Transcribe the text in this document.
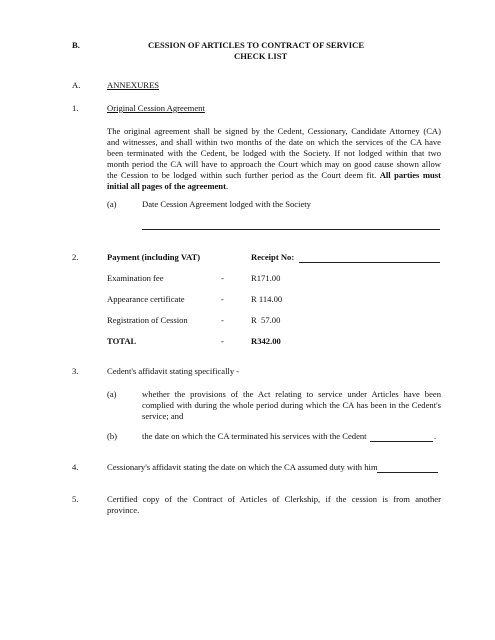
B.	CESSION OF ARTICLES TO CONTRACT OF SERVICE
CHECK LIST
A.	ANNEXURES
1.	Original Cession Agreement
The original agreement shall be signed by the Cedent, Cessionary, Candidate Attorney (CA)
and witnesses, and shall within two months of the date on which the services of the CA have
been terminated with the Cedent, be lodged with the Society. If not lodged within that two
month period the CA will have to approach the Court which may on good cause shown allow
the Cession to be lodged within such further period as the Court deem fit. All parties must
initial all pages of the agreement.
(a)	Date Cession Agreement lodged with the Society
2.	Payment (including VAT)	Receipt No:
Examination fee	-	R171.00
Appearance certificate	-	R 114.00
Registration of Cession	-	R  57.00
TOTAL	-	R342.00
3.	Cedent's affidavit stating specifically -
(a)	whether the provisions of the Act relating to service under Articles have been
complied with during the whole period during which the CA has been in the Cedent's
service; and
(b)	the date on which the CA terminated his services with the Cedent	.
4.	Cessionary's affidavit stating the date on which the CA assumed duty with him
5.	Certified copy of the Contract of Articles of Clerkship, if the cession is from another
province.
